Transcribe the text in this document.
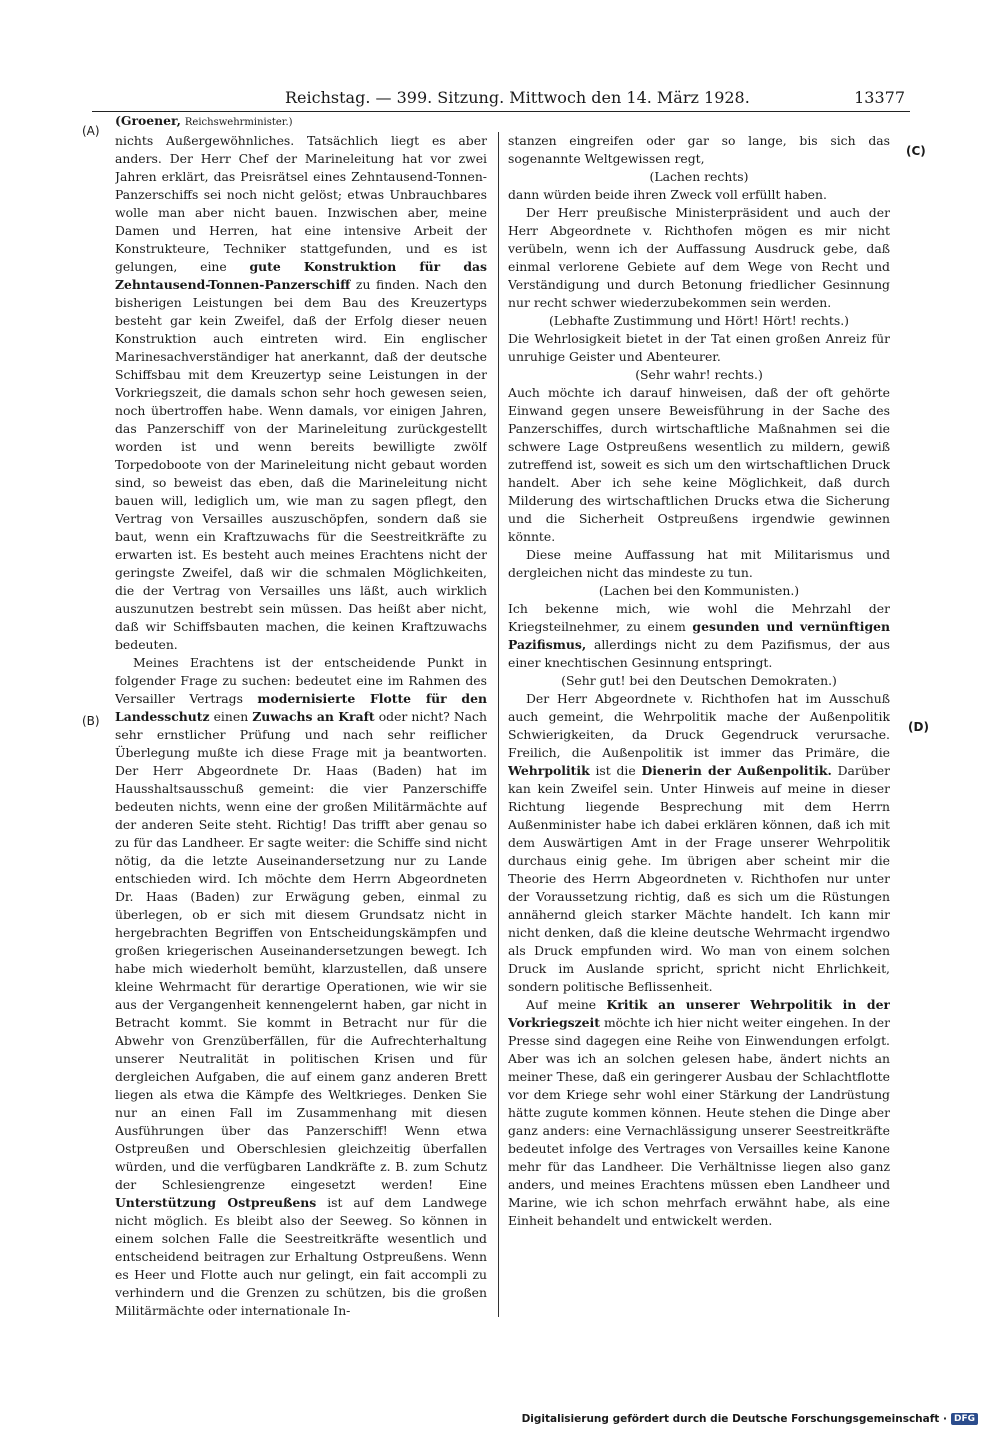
Reichstag. — 399. Sitzung. Mittwoch den 14. März 1928.	13377
(A)
(B)
(C)
(D)
(Groener, Reichswehrminister.)

nichts Außergewöhnliches. Tatsächlich liegt es aber anders. Der Herr Chef der Marineleitung hat vor zwei Jahren erklärt, das Preisrätsel eines Zehntausend-Tonnen-Panzerschiffs sei noch nicht gelöst; etwas Unbrauchbares wolle man aber nicht bauen. Inzwischen aber, meine Damen und Herren, hat eine intensive Arbeit der Konstrukteure, Techniker stattgefunden, und es ist gelungen, eine gute Konstruktion für das Zehntausend-Tonnen-Panzerschiff zu finden. Nach den bisherigen Leistungen bei dem Bau des Kreuzertyps besteht gar kein Zweifel, daß der Erfolg dieser neuen Konstruktion auch eintreten wird. Ein englischer Marinesachverständiger hat anerkannt, daß der deutsche Schiffsbau mit dem Kreuzertyp seine Leistungen in der Vorkriegszeit, die damals schon sehr hoch gewesen seien, noch übertroffen habe. Wenn damals, vor einigen Jahren, das Panzerschiff von der Marineleitung zurückgestellt worden ist und wenn bereits bewilligte zwölf Torpedoboote von der Marineleitung nicht gebaut worden sind, so beweist das eben, daß die Marineleitung nicht bauen will, lediglich um, wie man zu sagen pflegt, den Vertrag von Versailles auszuschöpfen, sondern daß sie baut, wenn ein Kraftzuwachs für die Seestreitkräfte zu erwarten ist. Es besteht auch meines Erachtens nicht der geringste Zweifel, daß wir die schmalen Möglichkeiten, die der Vertrag von Versailles uns läßt, auch wirklich auszunutzen bestrebt sein müssen. Das heißt aber nicht, daß wir Schiffsbauten machen, die keinen Kraftzuwachs bedeuten.

Meines Erachtens ist der entscheidende Punkt in folgender Frage zu suchen: bedeutet eine im Rahmen des Versailler Vertrags modernisierte Flotte für den Landesschutz einen Zuwachs an Kraft oder nicht? Nach sehr ernstlicher Prüfung und nach sehr reiflicher Überlegung mußte ich diese Frage mit ja beantworten. Der Herr Abgeordnete Dr. Haas (Baden) hat im Hausshaltsausschuß gemeint: die vier Panzerschiffe bedeuten nichts, wenn eine der großen Militärmächte auf der anderen Seite steht. Richtig! Das trifft aber genau so zu für das Landheer. Er sagte weiter: die Schiffe sind nicht nötig, da die letzte Auseinandersetzung nur zu Lande entschieden wird. Ich möchte dem Herrn Abgeordneten Dr. Haas (Baden) zur Erwägung geben, einmal zu überlegen, ob er sich mit diesem Grundsatz nicht in hergebrachten Begriffen von Entscheidungskämpfen und großen kriegerischen Auseinandersetzungen bewegt. Ich habe mich wiederholt bemüht, klarzustellen, daß unsere kleine Wehrmacht für derartige Operationen, wie wir sie aus der Vergangenheit kennengelernt haben, gar nicht in Betracht kommt. Sie kommt in Betracht nur für die Abwehr von Grenzüberfällen, für die Aufrechterhaltung unserer Neutralität in politischen Krisen und für dergleichen Aufgaben, die auf einem ganz anderen Brett liegen als etwa die Kämpfe des Weltkrieges. Denken Sie nur an einen Fall im Zusammenhang mit diesen Ausführungen über das Panzerschiff! Wenn etwa Ostpreußen und Oberschlesien gleichzeitig überfallen würden, und die verfügbaren Landkräfte z. B. zum Schutz der Schlesiengrenze eingesetzt werden! Eine Unterstützung Ostpreußens ist auf dem Landwege nicht möglich. Es bleibt also der Seeweg. So können in einem solchen Falle die Seestreitkräfte wesentlich und entscheidend beitragen zur Erhaltung Ostpreußens. Wenn es Heer und Flotte auch nur gelingt, ein fait accompli zu verhindern und die Grenzen zu schützen, bis die großen Militärmächte oder internationale In-

stanzen eingreifen oder gar so lange, bis sich das sogenannte Weltgewissen regt,

(Lachen rechts)

dann würden beide ihren Zweck voll erfüllt haben.

Der Herr preußische Ministerpräsident und auch der Herr Abgeordnete v. Richthofen mögen es mir nicht verübeln, wenn ich der Auffassung Ausdruck gebe, daß einmal verlorene Gebiete auf dem Wege von Recht und Verständigung und durch Betonung friedlicher Gesinnung nur recht schwer wiederzubekommen sein werden.

(Lebhafte Zustimmung und Hört! Hört! rechts.)

Die Wehrlosigkeit bietet in der Tat einen großen Anreiz für unruhige Geister und Abenteurer.

(Sehr wahr! rechts.)

Auch möchte ich darauf hinweisen, daß der oft gehörte Einwand gegen unsere Beweisführung in der Sache des Panzerschiffes, durch wirtschaftliche Maßnahmen sei die schwere Lage Ostpreußens wesentlich zu mildern, gewiß zutreffend ist, soweit es sich um den wirtschaftlichen Druck handelt. Aber ich sehe keine Möglichkeit, daß durch Milderung des wirtschaftlichen Drucks etwa die Sicherung und die Sicherheit Ostpreußens irgendwie gewinnen könnte.

Diese meine Auffassung hat mit Militarismus und dergleichen nicht das mindeste zu tun.

(Lachen bei den Kommunisten.)

Ich bekenne mich, wie wohl die Mehrzahl der Kriegsteilnehmer, zu einem gesunden und vernünftigen Pazifismus, allerdings nicht zu dem Pazifismus, der aus einer knechtischen Gesinnung entspringt.

(Sehr gut! bei den Deutschen Demokraten.)

Der Herr Abgeordnete v. Richthofen hat im Ausschuß auch gemeint, die Wehrpolitik mache der Außenpolitik Schwierigkeiten, da Druck Gegendruck verursache. Freilich, die Außenpolitik ist immer das Primäre, die Wehrpolitik ist die Dienerin der Außenpolitik. Darüber kan kein Zweifel sein. Unter Hinweis auf meine in dieser Richtung liegende Besprechung mit dem Herrn Außenminister habe ich dabei erklären können, daß ich mit dem Auswärtigen Amt in der Frage unserer Wehrpolitik durchaus einig gehe. Im übrigen aber scheint mir die Theorie des Herrn Abgeordneten v. Richthofen nur unter der Voraussetzung richtig, daß es sich um die Rüstungen annähernd gleich starker Mächte handelt. Ich kann mir nicht denken, daß die kleine deutsche Wehrmacht irgendwo als Druck empfunden wird. Wo man von einem solchen Druck im Auslande spricht, spricht nicht Ehrlichkeit, sondern politische Beflissenheit.

Auf meine Kritik an unserer Wehrpolitik in der Vorkriegszeit möchte ich hier nicht weiter eingehen. In der Presse sind dagegen eine Reihe von Einwendungen erfolgt. Aber was ich an solchen gelesen habe, ändert nichts an meiner These, daß ein geringerer Ausbau der Schlachtflotte vor dem Kriege sehr wohl einer Stärkung der Landrüstung hätte zugute kommen können. Heute stehen die Dinge aber ganz anders: eine Vernachlässigung unserer Seestreitkräfte bedeutet infolge des Vertrages von Versailles keine Kanone mehr für das Landheer. Die Verhältnisse liegen also ganz anders, und meines Erachtens müssen eben Landheer und Marine, wie ich schon mehrfach erwähnt habe, als eine Einheit behandelt und entwickelt werden.

Digitalisierung gefördert durch die Deutsche Forschungsgemeinschaft · DFG
